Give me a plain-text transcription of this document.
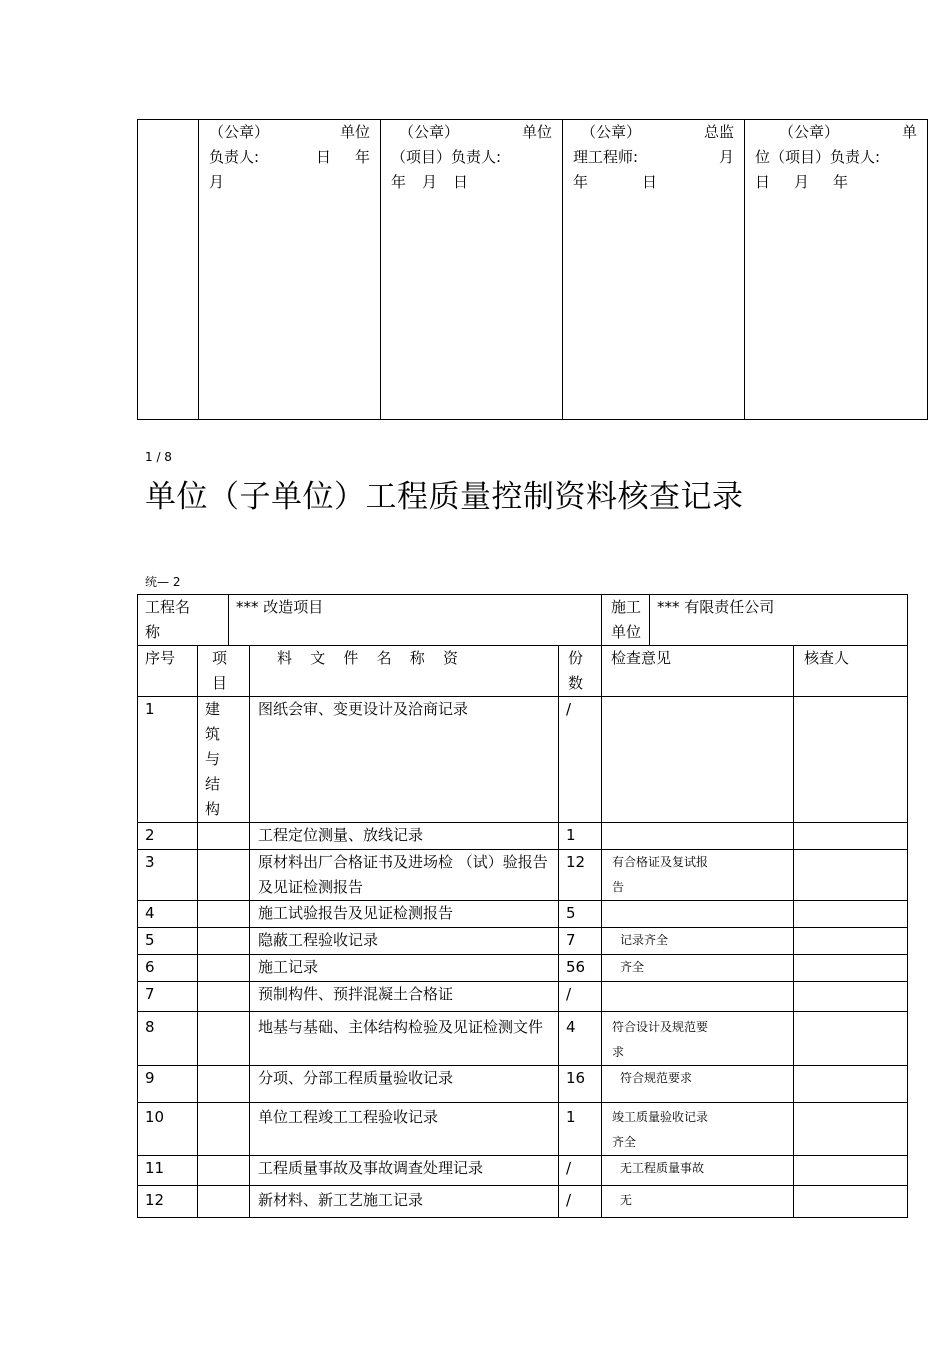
（公章）	单位
负责人:	日 年
月

（公章）	单位
（项目）负责人:
年 月 日

（公章）	总监
理工程师:	月
年	日

（公章）	单
位（项目）负责人:
日 月 年
1 / 8
单位（子单位）工程质量控制资料核查记录
统— 2
工程名称		*** 改造项目			施工单位	*** 有限责任公司	
序号	项目		料 文 件 名 称 资	份数	检查意见		核查人
1	建筑与结构		图纸会审、变更设计及洽商记录	/			
2			工程定位测量、放线记录	1			
3			原材料出厂合格证书及进场检 （试）验报告及见证检测报告	12	有合格证及复试报告		

4			施工试验报告及见证检测报告	5			
5			隐蔽工程验收记录	7	记录齐全		
6			施工记录	56	齐全		
7			预制构件、预拌混凝土合格证	/			
8			地基与基础、主体结构检验及见证检测文件	4	符合设计及规范要求		

9			分项、分部工程质量验收记录	16	符合规范要求		
10			单位工程竣工工程验收记录	1	竣工质量验收记录齐全		

11			工程质量事故及事故调查处理记录	/	无工程质量事故		
12			新材料、新工艺施工记录	/	无		
